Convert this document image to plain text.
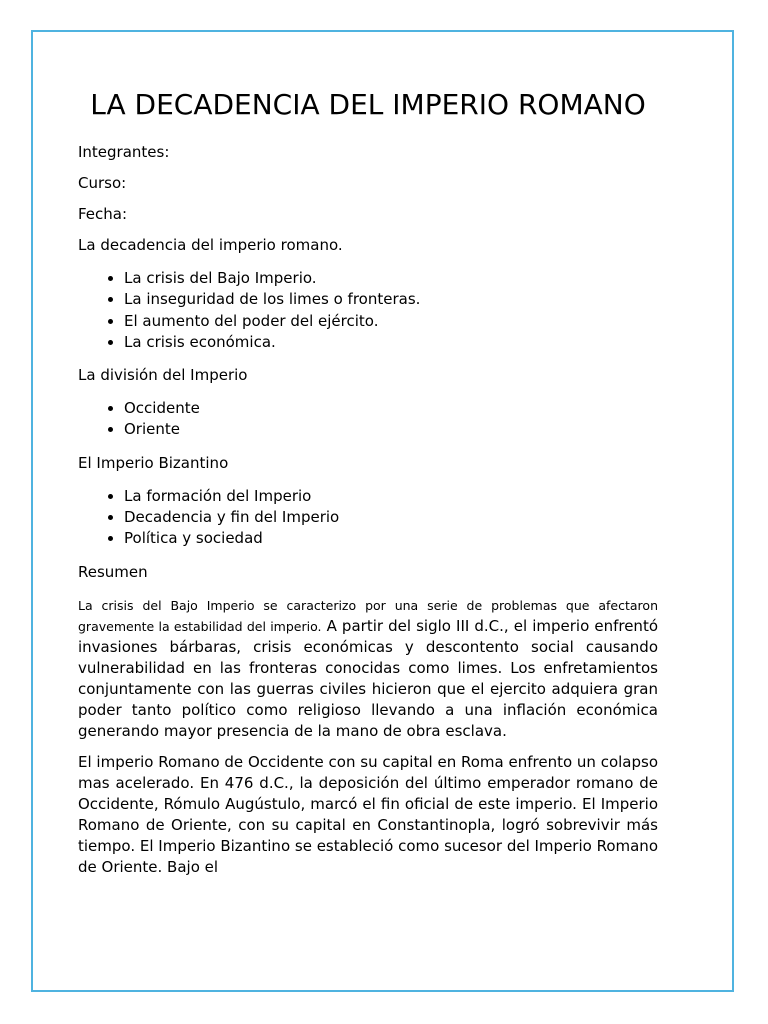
LA DECADENCIA DEL IMPERIO ROMANO

Integrantes:

Curso:

Fecha:

La decadencia del imperio romano.

• La crisis del Bajo Imperio.
• La inseguridad de los limes o fronteras.
• El aumento del poder del ejército.
• La crisis económica.

La división del Imperio

• Occidente
• Oriente

El Imperio Bizantino

• La formación del Imperio
• Decadencia y fin del Imperio
• Política y sociedad

Resumen

La crisis del Bajo Imperio se caracterizo por una serie de problemas que afectaron gravemente la estabilidad del imperio. A partir del siglo III d.C., el imperio enfrentó invasiones bárbaras, crisis económicas y descontento social causando vulnerabilidad en las fronteras conocidas como limes. Los enfretamientos conjuntamente con las guerras civiles hicieron que el ejercito adquiera gran poder tanto político como religioso llevando a una inflación económica generando mayor presencia de la mano de obra esclava.

El imperio Romano de Occidente con su capital en Roma enfrento un colapso mas acelerado. En 476 d.C., la deposición del último emperador romano de Occidente, Rómulo Augústulo, marcó el fin oficial de este imperio. El Imperio Romano de Oriente, con su capital en Constantinopla, logró sobrevivir más tiempo. El Imperio Bizantino se estableció como sucesor del Imperio Romano de Oriente. Bajo el
